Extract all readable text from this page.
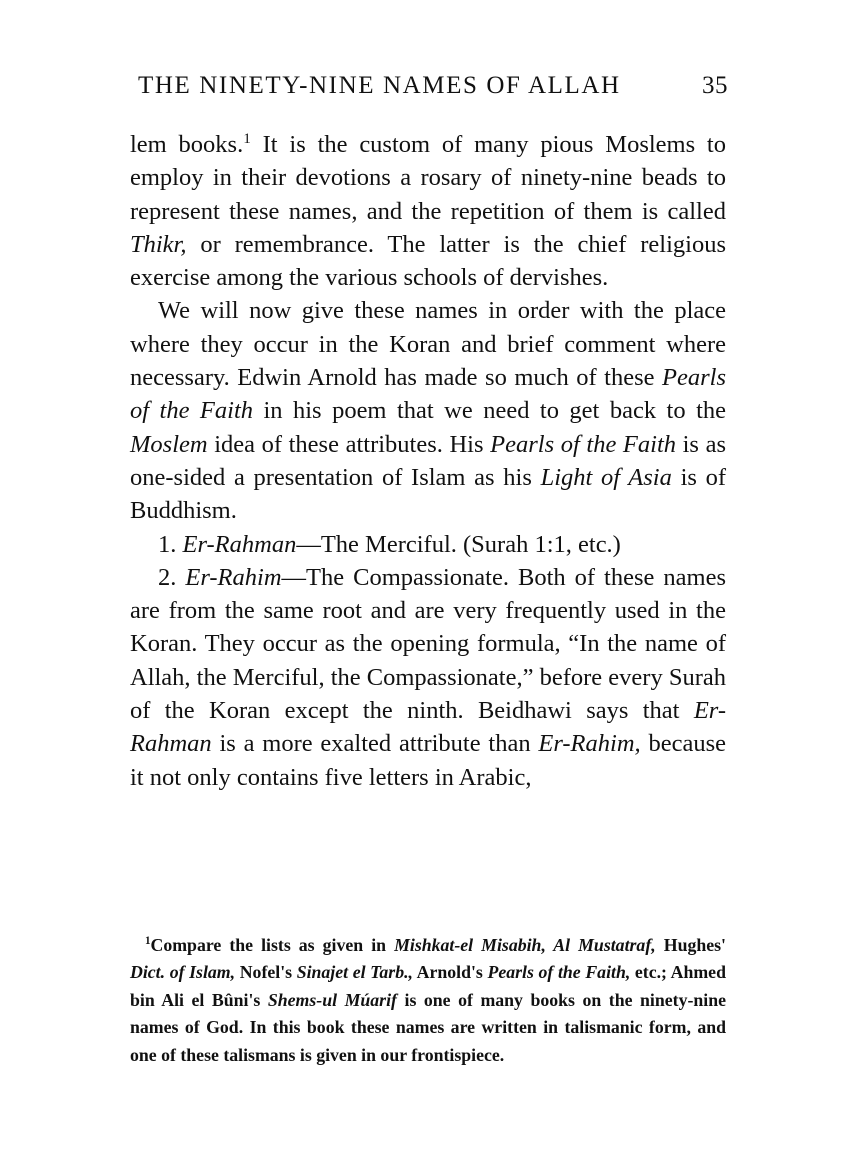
THE NINETY-NINE NAMES OF ALLAH	35

lem books.$^1$ It is the custom of many pious Moslems to employ in their devotions a rosary of ninety-nine beads to represent these names, and the repetition of them is called Thikr, or remembrance. The latter is the chief religious exercise among the various schools of dervishes.

We will now give these names in order with the place where they occur in the Koran and brief comment where necessary. Edwin Arnold has made so much of these Pearls of the Faith in his poem that we need to get back to the Moslem idea of these attributes. His Pearls of the Faith is as one-sided a presentation of Islam as his Light of Asia is of Buddhism.

1. Er-Rahman—The Merciful. (Surah 1:1, etc.)

2. Er-Rahim—The Compassionate. Both of these names are from the same root and are very frequently used in the Koran. They occur as the opening formula, “In the name of Allah, the Merciful, the Compassionate,” before every Surah of the Koran except the ninth. Beidhawi says that Er-Rahman is a more exalted attribute than Er-Rahim, because it not only contains five letters in Arabic,

$^1$Compare the lists as given in Mishkat-el Misabih, Al Mustatraf, Hughes' Dict. of Islam, Nofel's Sinajet el Tarb., Arnold's Pearls of the Faith, etc.; Ahmed bin Ali el Bûni's Shems-ul Múarif is one of many books on the ninety-nine names of God. In this book these names are written in talismanic form, and one of these talismans is given in our frontispiece.
